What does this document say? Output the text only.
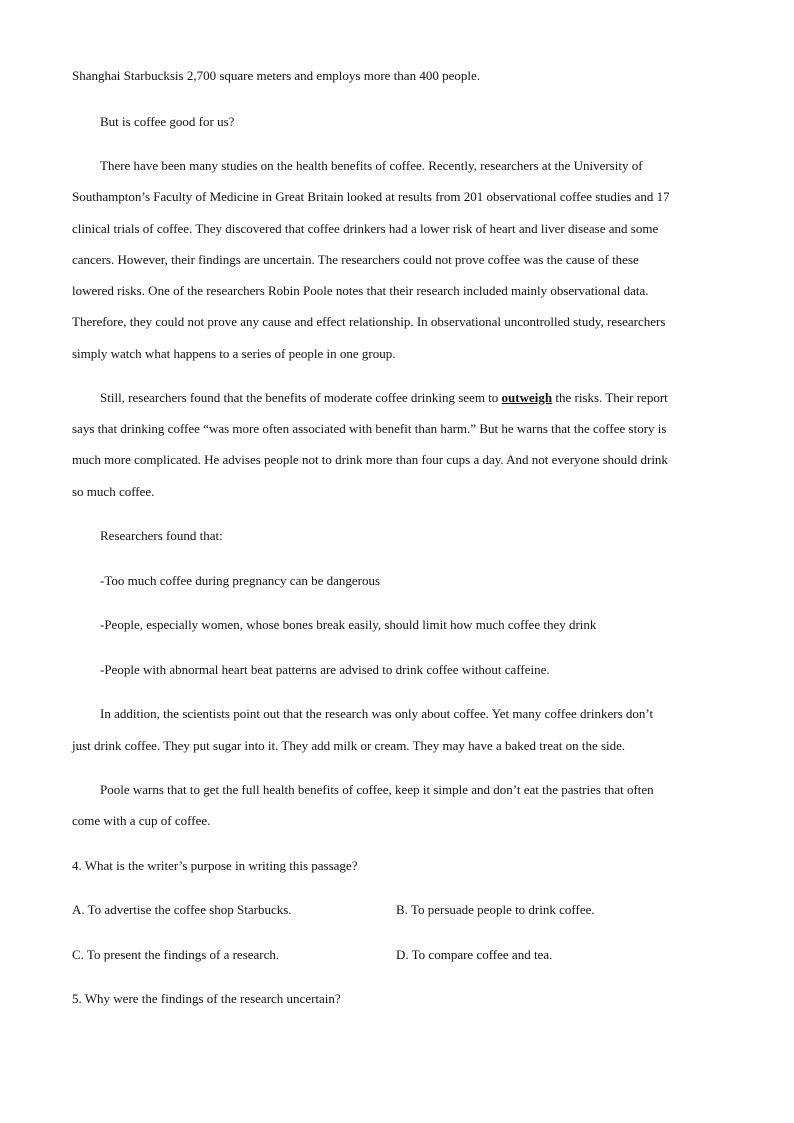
Shanghai Starbucksis 2,700 square meters and employs more than 400 people.
But is coffee good for us?
There have been many studies on the health benefits of coffee. Recently, researchers at the University of
Southampton’s Faculty of Medicine in Great Britain looked at results from 201 observational coffee studies and 17
clinical trials of coffee. They discovered that coffee drinkers had a lower risk of heart and liver disease and some
cancers. However, their findings are uncertain. The researchers could not prove coffee was the cause of these
lowered risks. One of the researchers Robin Poole notes that their research included mainly observational data.
Therefore, they could not prove any cause and effect relationship. In observational uncontrolled study, researchers
simply watch what happens to a series of people in one group.
Still, researchers found that the benefits of moderate coffee drinking seem to outweigh the risks. Their report
says that drinking coffee “was more often associated with benefit than harm.” But he warns that the coffee story is
much more complicated. He advises people not to drink more than four cups a day. And not everyone should drink
so much coffee.
Researchers found that:
-Too much coffee during pregnancy can be dangerous
-People, especially women, whose bones break easily, should limit how much coffee they drink
-People with abnormal heart beat patterns are advised to drink coffee without caffeine.
In addition, the scientists point out that the research was only about coffee. Yet many coffee drinkers don’t
just drink coffee. They put sugar into it. They add milk or cream. They may have a baked treat on the side.
Poole warns that to get the full health benefits of coffee, keep it simple and don’t eat the pastries that often
come with a cup of coffee.
4. What is the writer’s purpose in writing this passage?
A. To advertise the coffee shop Starbucks.	B. To persuade people to drink coffee.
C. To present the findings of a research.	D. To compare coffee and tea.
5. Why were the findings of the research uncertain?
